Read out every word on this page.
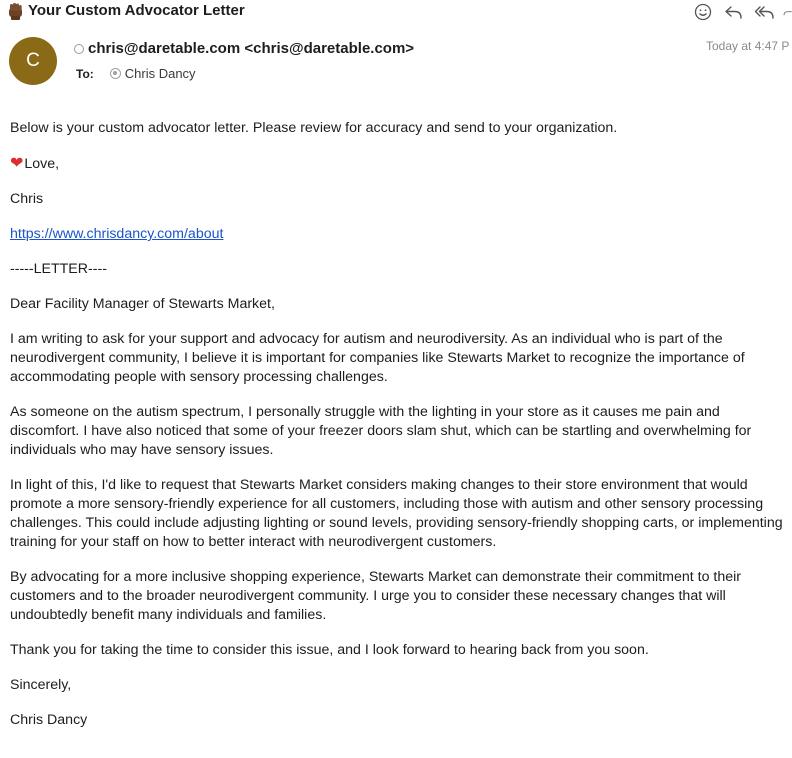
Your Custom Advocator Letter
C
chris@daretable.com <chris@daretable.com>	Today at 4:47 P
To: Chris Dancy

Below is your custom advocator letter. Please review for accuracy and send to your organization.

❤Love,

Chris

https://www.chrisdancy.com/about

-----LETTER----

Dear Facility Manager of Stewarts Market,

I am writing to ask for your support and advocacy for autism and neurodiversity. As an individual who is part of the neurodivergent community, I believe it is important for companies like Stewarts Market to recognize the importance of accommodating people with sensory processing challenges.

As someone on the autism spectrum, I personally struggle with the lighting in your store as it causes me pain and discomfort. I have also noticed that some of your freezer doors slam shut, which can be startling and overwhelming for individuals who may have sensory issues.

In light of this, I'd like to request that Stewarts Market considers making changes to their store environment that would promote a more sensory-friendly experience for all customers, including those with autism and other sensory processing challenges. This could include adjusting lighting or sound levels, providing sensory-friendly shopping carts, or implementing training for your staff on how to better interact with neurodivergent customers.

By advocating for a more inclusive shopping experience, Stewarts Market can demonstrate their commitment to their customers and to the broader neurodivergent community. I urge you to consider these necessary changes that will undoubtedly benefit many individuals and families.

Thank you for taking the time to consider this issue, and I look forward to hearing back from you soon.

Sincerely,

Chris Dancy
